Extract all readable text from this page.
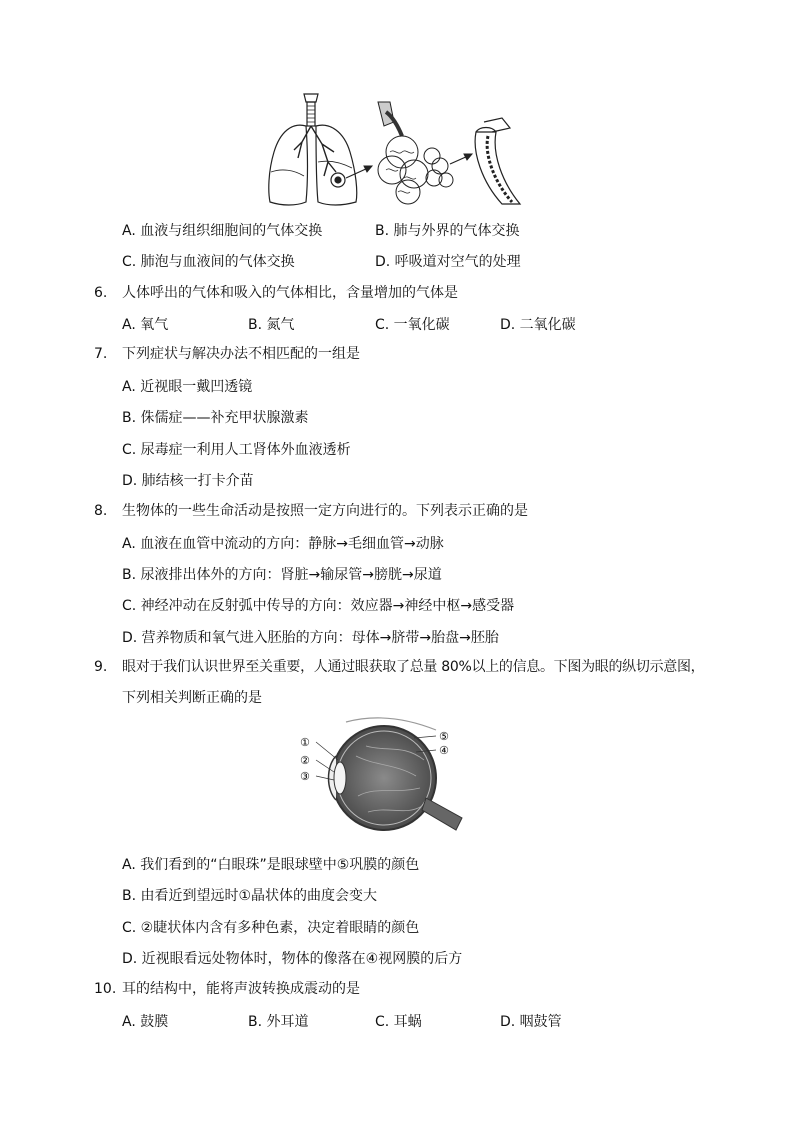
A. 血液与组织细胞间的气体交换	B. 肺与外界的气体交换
C. 肺泡与血液间的气体交换	D. 呼吸道对空气的处理
6. 人体呼出的气体和吸入的气体相比，含量增加的气体是
A. 氧气	B. 氮气	C. 一氧化碳	D. 二氧化碳
7. 下列症状与解决办法不相匹配的一组是
A. 近视眼一戴凹透镜
B. 侏儒症——补充甲状腺激素
C. 尿毒症一利用人工肾体外血液透析
D. 肺结核一打卡介苗
8. 生物体的一些生命活动是按照一定方向进行的。下列表示正确的是
A. 血液在血管中流动的方向：静脉→毛细血管→动脉
B. 尿液排出体外的方向：肾脏→输尿管→膀胱→尿道
C. 神经冲动在反射弧中传导的方向：效应器→神经中枢→感受器
D. 营养物质和氧气进入胚胎的方向：母体→脐带→胎盘→胚胎
9. 眼对于我们认识世界至关重要，人通过眼获取了总量 80%以上的信息。下图为眼的纵切示意图，
下列相关判断正确的是
①
②
③
④
⑤
A. 我们看到的“白眼珠”是眼球壁中⑤巩膜的颜色
B. 由看近到望远时①晶状体的曲度会变大
C. ②睫状体内含有多种色素，决定着眼睛的颜色
D. 近视眼看远处物体时，物体的像落在④视网膜的后方
10. 耳的结构中，能将声波转换成震动的是
A. 鼓膜	B. 外耳道	C. 耳蜗	D. 咽鼓管
